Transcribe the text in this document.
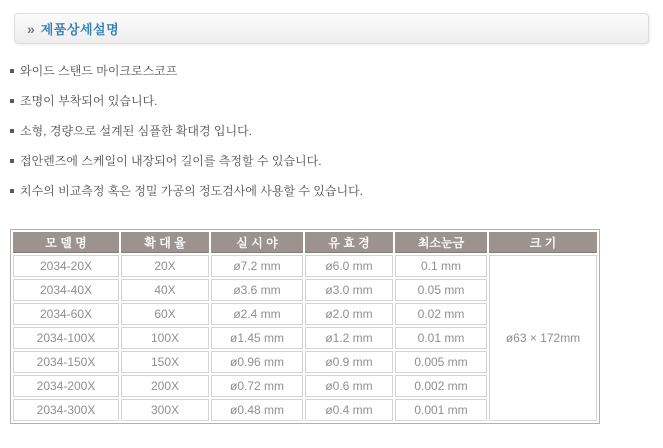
» 제품상세설명
와이드 스탠드 마이크로스코프
조명이 부착되어 있습니다.
소형, 경량으로 설계된 심플한 확대경 입니다.
접안렌즈에 스케일이 내장되어 길이를 측정할 수 있습니다.
치수의 비교측정 혹은 정밀 가공의 정도검사에 사용할 수 있습니다.
모 델 명	확 대 율	실 시 야	유 효 경	최소눈금	크 기
2034-20X	20X	ø7.2 mm	ø6.0 mm	0.1 mm	ø63 × 172mm
2034-40X	40X	ø3.6 mm	ø3.0 mm	0.05 mm	
2034-60X	60X	ø2.4 mm	ø2.0 mm	0.02 mm	
2034-100X	100X	ø1.45 mm	ø1.2 mm	0.01 mm	
2034-150X	150X	ø0.96 mm	ø0.9 mm	0.005 mm	
2034-200X	200X	ø0.72 mm	ø0.6 mm	0.002 mm	
2034-300X	300X	ø0.48 mm	ø0.4 mm	0.001 mm	
